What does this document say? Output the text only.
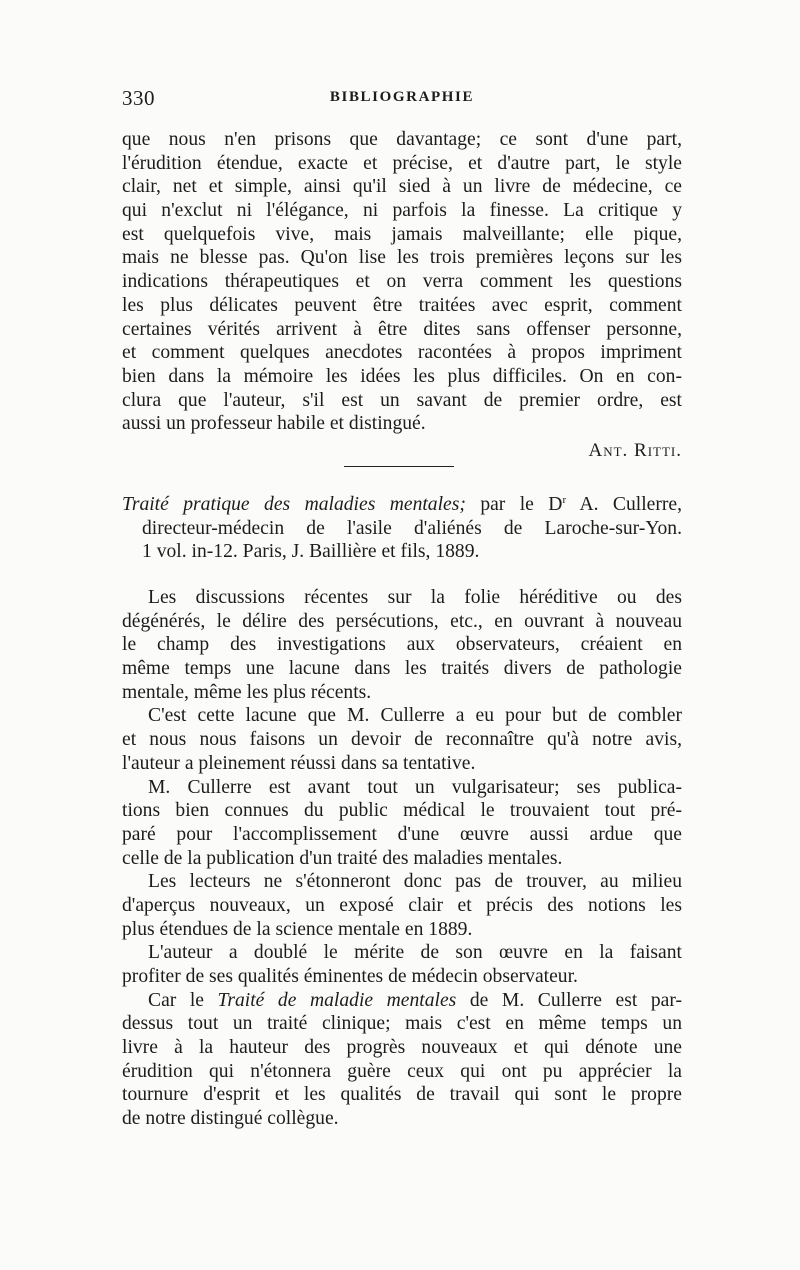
330	BIBLIOGRAPHIE
que nous n'en prisons que davantage; ce sont d'une part,
l'érudition étendue, exacte et précise, et d'autre part, le style
clair, net et simple, ainsi qu'il sied à un livre de médecine, ce
qui n'exclut ni l'élégance, ni parfois la finesse. La critique y
est quelquefois vive, mais jamais malveillante; elle pique,
mais ne blesse pas. Qu'on lise les trois premières leçons sur les
indications thérapeutiques et on verra comment les questions
les plus délicates peuvent être traitées avec esprit, comment
certaines vérités arrivent à être dites sans offenser personne,
et comment quelques anecdotes racontées à propos impriment
bien dans la mémoire les idées les plus difficiles. On en con-
clura que l'auteur, s'il est un savant de premier ordre, est
aussi un professeur habile et distingué.
Ant. Ritti.
Traité pratique des maladies mentales; par le $D^r$ A. Cullerre,
directeur-médecin de l'asile d'aliénés de Laroche-sur-Yon.
1 vol. in-12. Paris, J. Baillière et fils, 1889.
Les discussions récentes sur la folie héréditive ou des
dégénérés, le délire des persécutions, etc., en ouvrant à nouveau
le champ des investigations aux observateurs, créaient en
même temps une lacune dans les traités divers de pathologie
mentale, même les plus récents.
C'est cette lacune que M. Cullerre a eu pour but de combler
et nous nous faisons un devoir de reconnaître qu'à notre avis,
l'auteur a pleinement réussi dans sa tentative.
M. Cullerre est avant tout un vulgarisateur; ses publica-
tions bien connues du public médical le trouvaient tout pré-
paré pour l'accomplissement d'une œuvre aussi ardue que
celle de la publication d'un traité des maladies mentales.
Les lecteurs ne s'étonneront donc pas de trouver, au milieu
d'aperçus nouveaux, un exposé clair et précis des notions les
plus étendues de la science mentale en 1889.
L'auteur a doublé le mérite de son œuvre en la faisant
profiter de ses qualités éminentes de médecin observateur.
Car le Traité de maladie mentales de M. Cullerre est par-
dessus tout un traité clinique; mais c'est en même temps un
livre à la hauteur des progrès nouveaux et qui dénote une
érudition qui n'étonnera guère ceux qui ont pu apprécier la
tournure d'esprit et les qualités de travail qui sont le propre
de notre distingué collègue.
